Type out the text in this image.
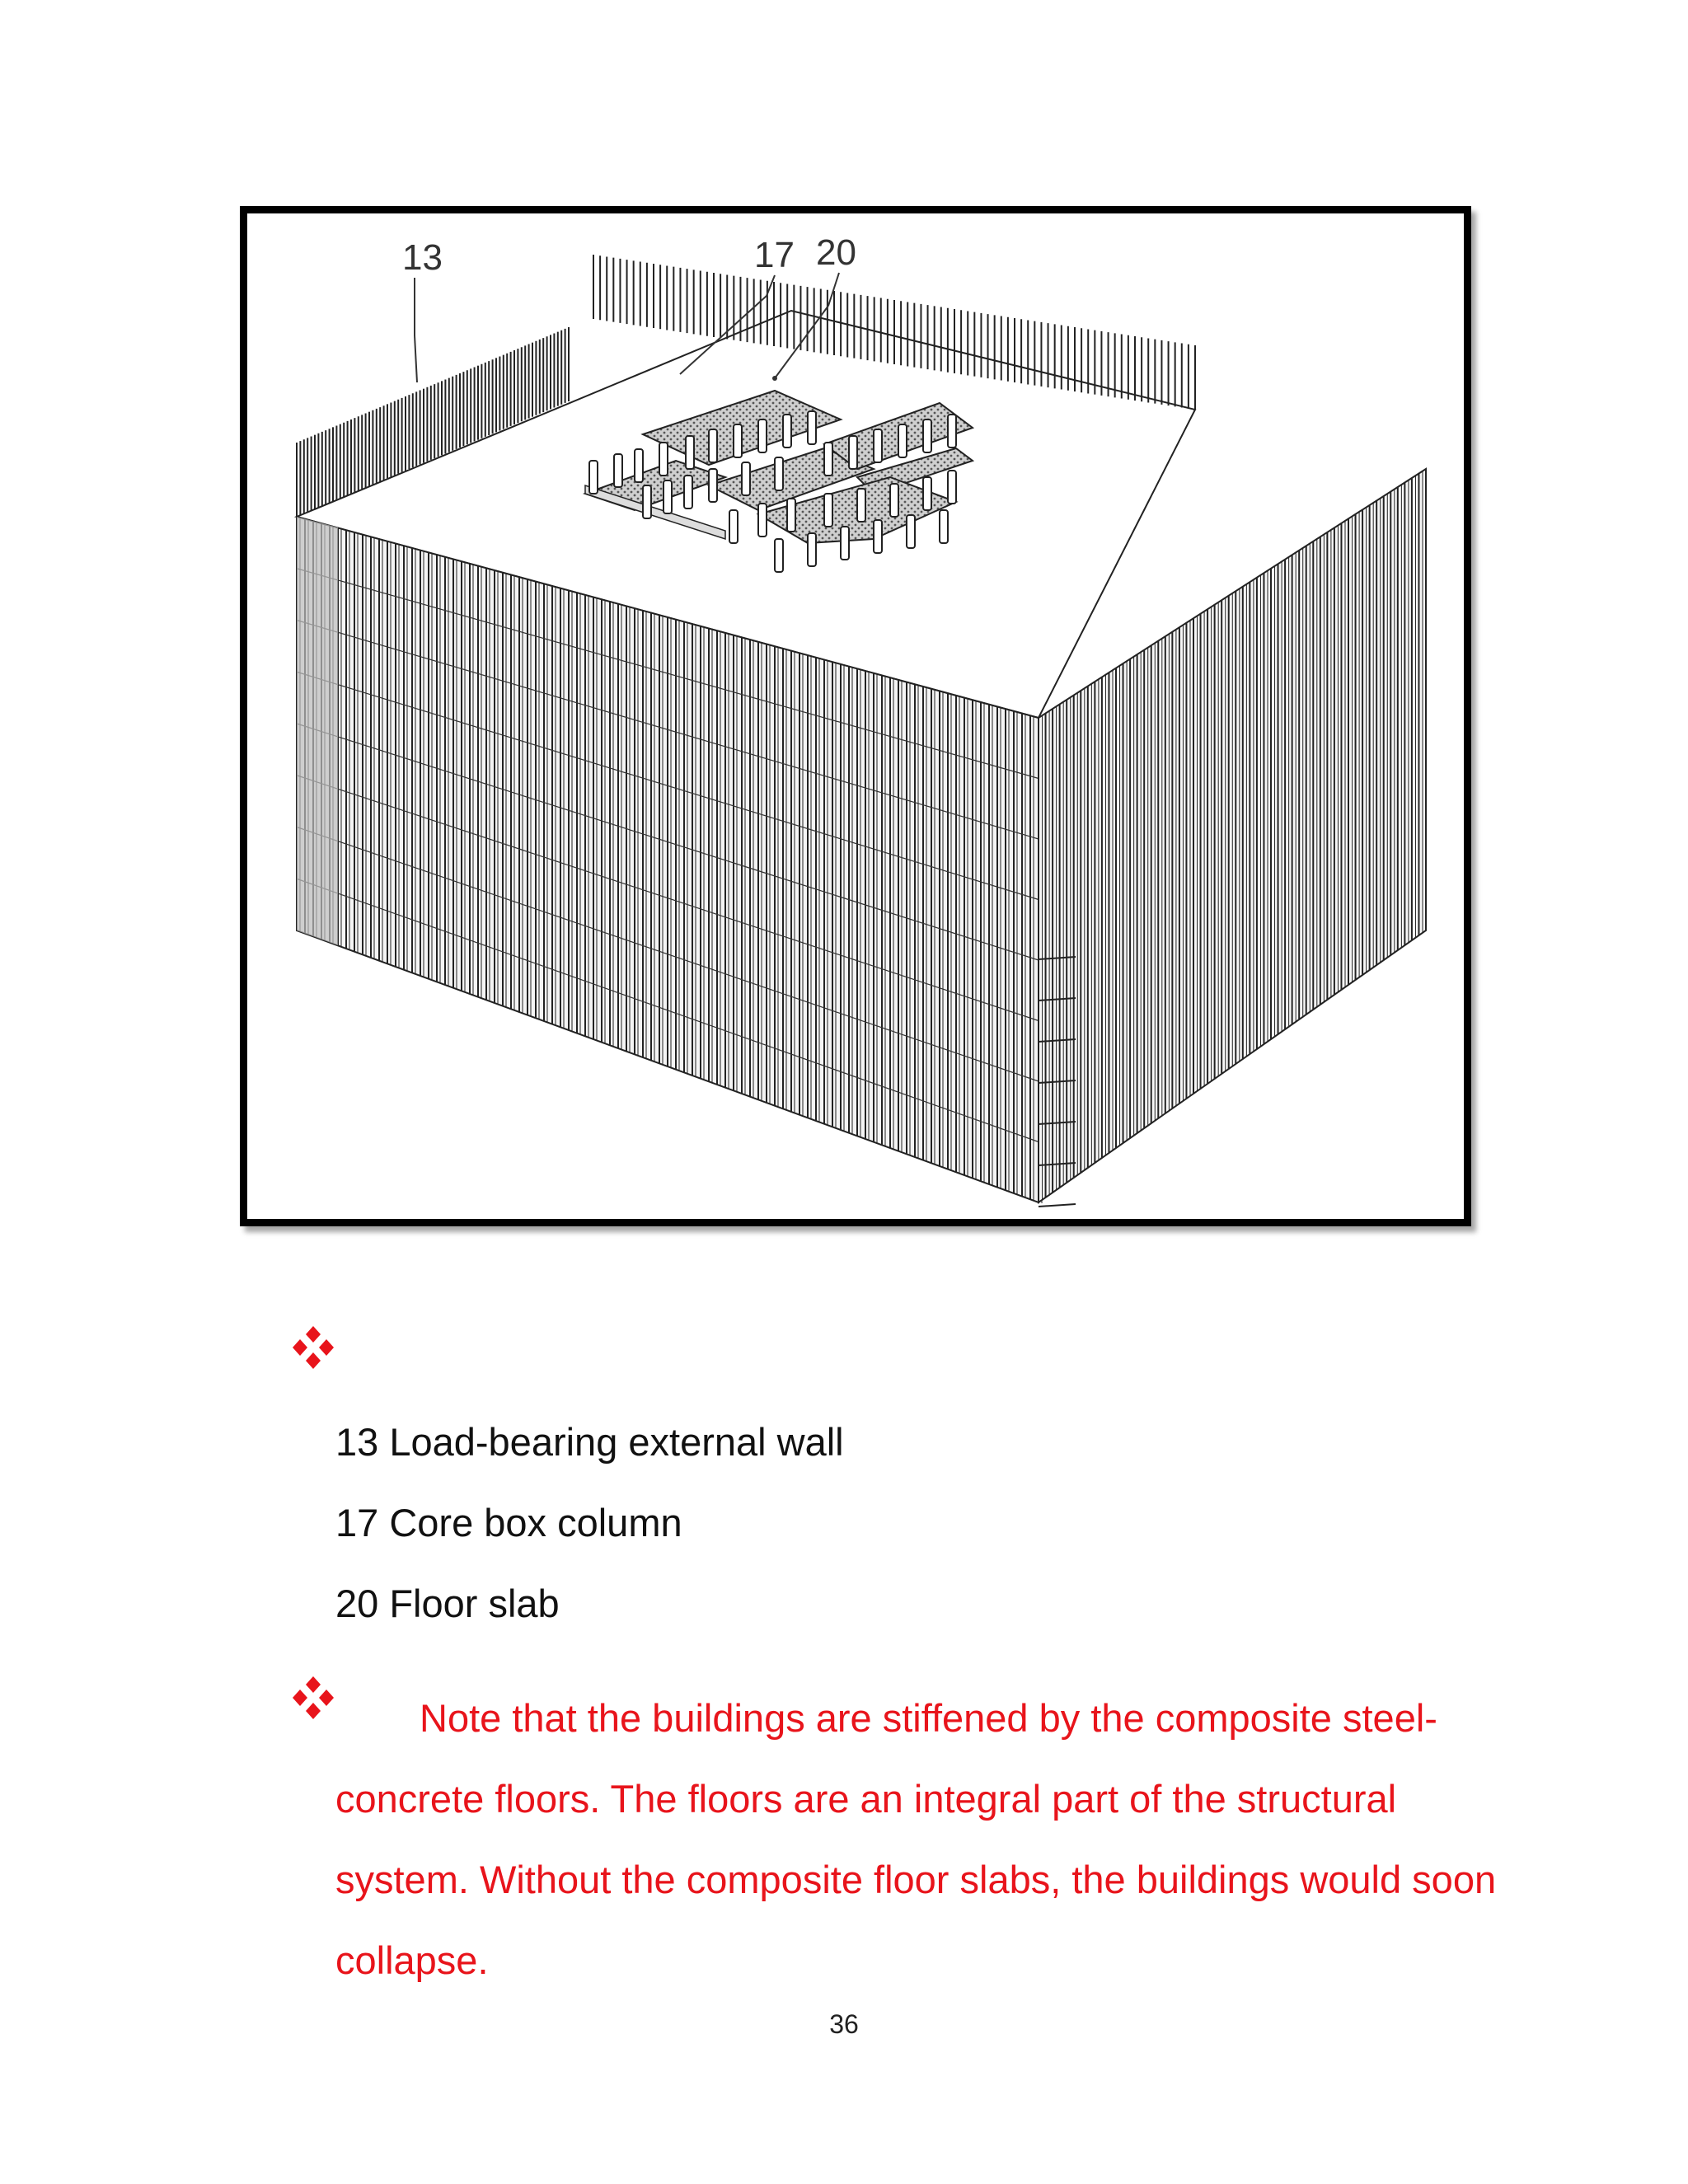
13	17 20
13 Load-bearing external wall
17 Core box column
20 Floor slab
Note that the buildings are stiffened by the composite steel-concrete floors. The floors are an integral part of the structural system. Without the composite floor slabs, the buildings would soon collapse.
36
